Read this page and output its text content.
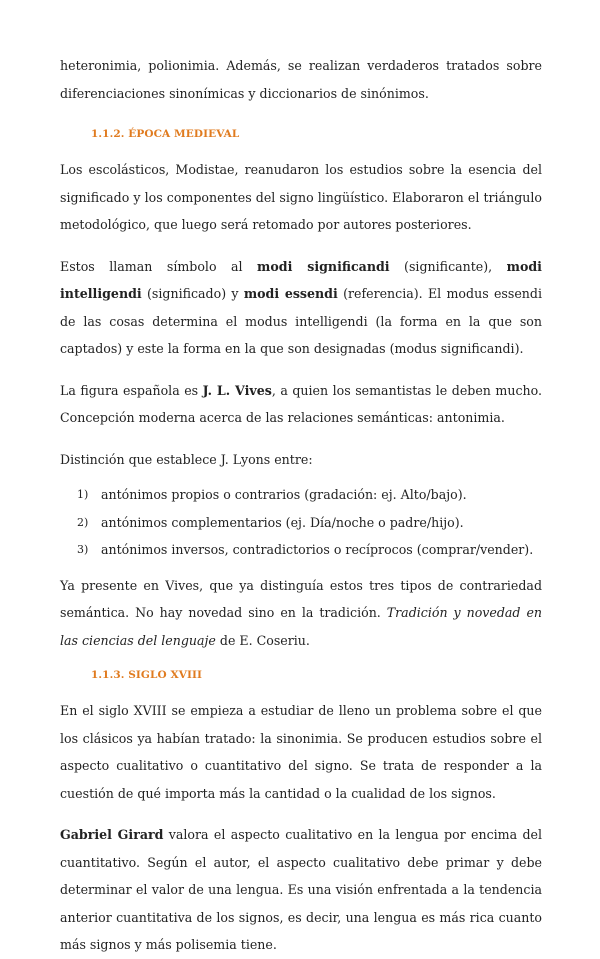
heteronimia, polionimia. Además, se realizan verdaderos tratados sobre diferenciaciones sinonímicas y diccionarios de sinónimos.

1.1.2. ÉPOCA MEDIEVAL

Los escolásticos, Modistae, reanudaron los estudios sobre la esencia del significado y los componentes del signo lingüístico. Elaboraron el triángulo metodológico, que luego será retomado por autores posteriores.

Estos llaman símbolo al modi significandi (significante), modi intelligendi (significado) y modi essendi (referencia). El modus essendi de las cosas determina el modus intelligendi (la forma en la que son captados) y este la forma en la que son designadas (modus significandi).

La figura española es J. L. Vives, a quien los semantistas le deben mucho. Concepción moderna acerca de las relaciones semánticas: antonimia.

Distinción que establece J. Lyons entre:

1) antónimos propios o contrarios (gradación: ej. Alto/bajo).
2) antónimos complementarios (ej. Día/noche o padre/hijo).
3) antónimos inversos, contradictorios o recíprocos (comprar/vender).

Ya presente en Vives, que ya distinguía estos tres tipos de contrariedad semántica. No hay novedad sino en la tradición. Tradición y novedad en las ciencias del lenguaje de E. Coseriu.

1.1.3. SIGLO XVIII

En el siglo XVIII se empieza a estudiar de lleno un problema sobre el que los clásicos ya habían tratado: la sinonimia. Se producen estudios sobre el aspecto cualitativo o cuantitativo del signo. Se trata de responder a la cuestión de qué importa más la cantidad o la cualidad de los signos.

Gabriel Girard valora el aspecto cualitativo en la lengua por encima del cuantitativo. Según el autor, el aspecto cualitativo debe primar y debe determinar el valor de una lengua. Es una visión enfrentada a la tendencia anterior cuantitativa de los signos, es decir, una lengua es más rica cuanto más signos y más polisemia tiene.
